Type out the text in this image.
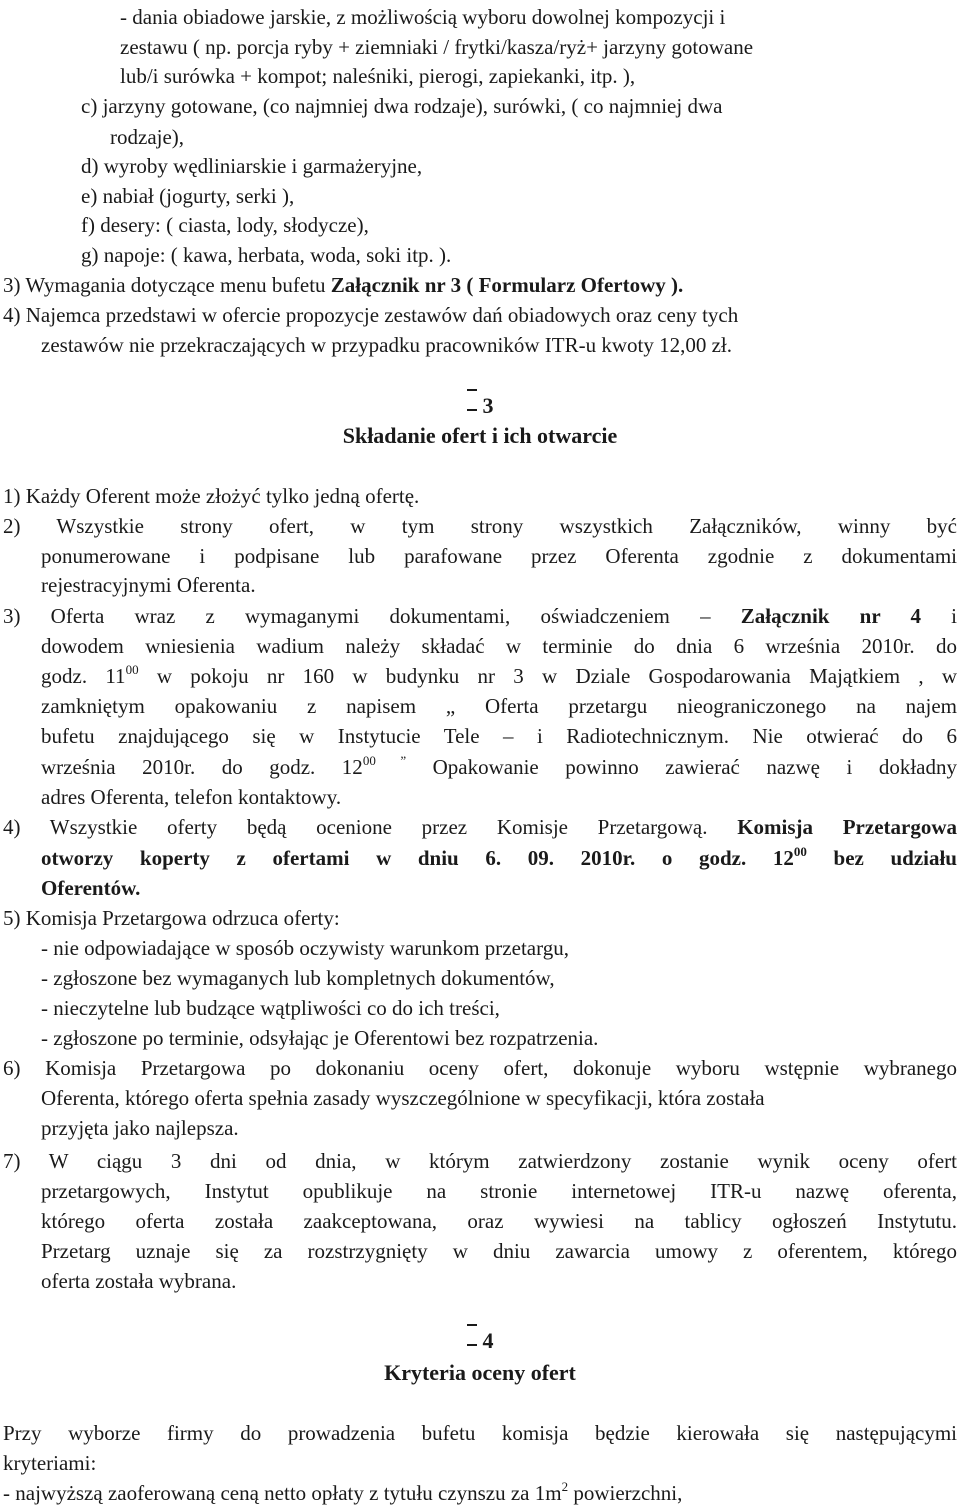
- dania obiadowe jarskie, z możliwością wyboru dowolnej kompozycji i
zestawu ( np. porcja ryby + ziemniaki / frytki/kasza/ryż+ jarzyny gotowane
lub/i surówka + kompot; naleśniki, pierogi, zapiekanki, itp. ),
c) jarzyny gotowane, (co najmniej dwa rodzaje), surówki, ( co najmniej dwa
rodzaje),
d) wyroby wędliniarskie i garmażeryjne,
e) nabiał (jogurty, serki ),
f) desery: ( ciasta, lody, słodycze),
g) napoje: ( kawa, herbata, woda, soki itp. ).
3) Wymagania dotyczące menu bufetu Załącznik nr 3 ( Formularz Ofertowy ).
4) Najemca przedstawi w ofercie propozycje zestawów dań obiadowych oraz ceny tych
zestawów nie przekraczających w przypadku pracowników ITR-u kwoty 12,00 zł.
3
Składanie ofert i ich otwarcie
1) Każdy Oferent może złożyć tylko jedną ofertę.
2) Wszystkie strony ofert, w tym strony wszystkich Załączników, winny być
ponumerowane i podpisane lub parafowane przez Oferenta zgodnie z dokumentami
rejestracyjnymi Oferenta.
3) Oferta wraz z wymaganymi dokumentami, oświadczeniem – Załącznik nr 4 i
dowodem wniesienia wadium należy składać w terminie do dnia 6 września 2010r. do
godz. $11^{00}$ w pokoju nr 160 w budynku nr 3 w Dziale Gospodarowania Majątkiem , w
zamkniętym opakowaniu z napisem „ Oferta przetargu nieograniczonego na najem
bufetu znajdującego się w Instytucie Tele – i Radiotechnicznym. Nie otwierać do 6
września 2010r. do godz. $12^{00 ”}$ Opakowanie powinno zawierać nazwę i dokładny
adres Oferenta, telefon kontaktowy.
4) Wszystkie oferty będą ocenione przez Komisje Przetargową. Komisja Przetargowa
otworzy koperty z ofertami w dniu 6. 09. 2010r. o godz. $12^{00}$ bez udziału
Oferentów.
5) Komisja Przetargowa odrzuca oferty:
- nie odpowiadające w sposób oczywisty warunkom przetargu,
- zgłoszone bez wymaganych lub kompletnych dokumentów,
- nieczytelne lub budzące wątpliwości co do ich treści,
- zgłoszone po terminie, odsyłając je Oferentowi bez rozpatrzenia.
6) Komisja Przetargowa po dokonaniu oceny ofert, dokonuje wyboru wstępnie wybranego
Oferenta, którego oferta spełnia zasady wyszczególnione w specyfikacji, która została
przyjęta jako najlepsza.
7) W ciągu 3 dni od dnia, w którym zatwierdzony zostanie wynik oceny ofert
przetargowych, Instytut opublikuje na stronie internetowej ITR-u nazwę oferenta,
którego oferta została zaakceptowana, oraz wywiesi na tablicy ogłoszeń Instytutu.
Przetarg uznaje się za rozstrzygnięty w dniu zawarcia umowy z oferentem, którego
oferta została wybrana.
4
Kryteria oceny ofert
Przy wyborze firmy do prowadzenia bufetu komisja będzie kierowała się następującymi
kryteriami:
- najwyższą zaoferowaną ceną netto opłaty z tytułu czynszu za $1m^2$ powierzchni,
